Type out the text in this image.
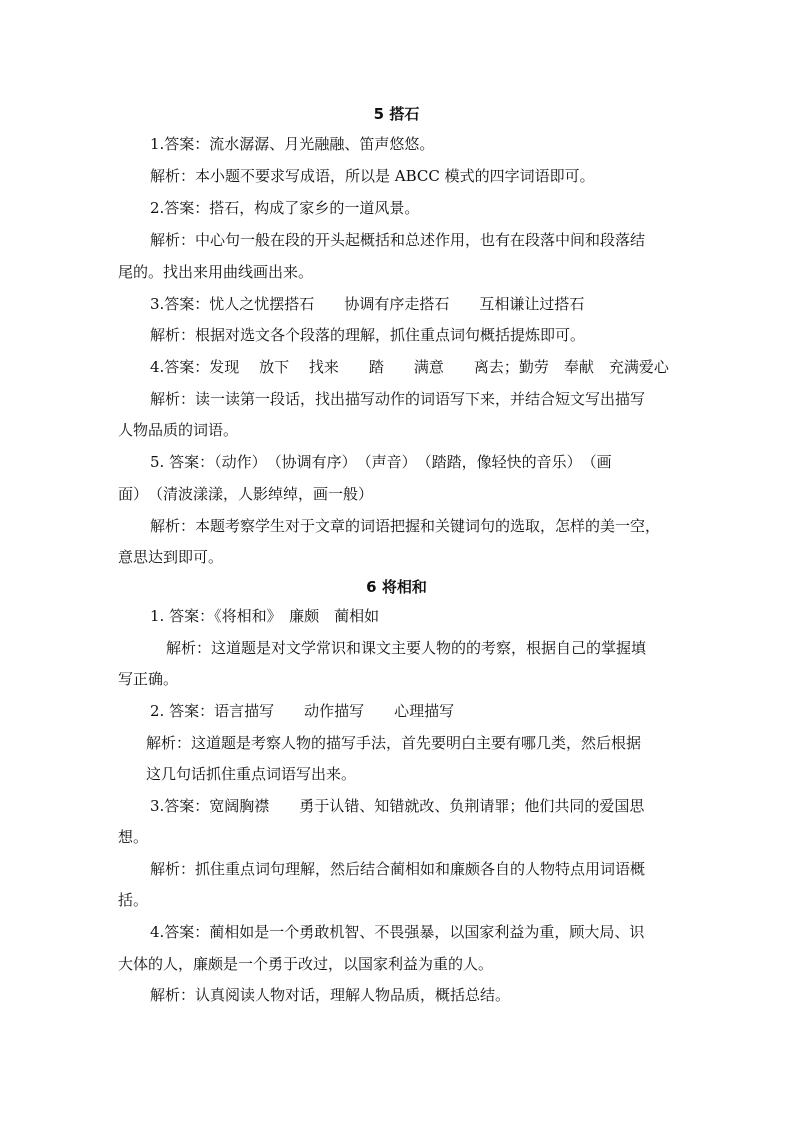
5 搭石
1.答案：流水潺潺、月光融融、笛声悠悠。
解析：本小题不要求写成语，所以是 ABCC 模式的四字词语即可。
2.答案：搭石，构成了家乡的一道风景。
解析：中心句一般在段的开头起概括和总述作用，也有在段落中间和段落结
尾的。找出来用曲线画出来。
3.答案：忧人之忧摆搭石　　协调有序走搭石　　互相谦让过搭石
解析：根据对选文各个段落的理解，抓住重点词句概括提炼即可。
4.答案：发现　 放下　 找来　　踏　　满意　　离去；勤劳　奉献　充满爱心
解析：读一读第一段话，找出描写动作的词语写下来，并结合短文写出描写
人物品质的词语。
5. 答案：（动作）　（协调有序）　（声音）　（踏踏，像轻快的音乐）　（画
面）　（清波漾漾，人影绰绰，画一般）
解析：本题考察学生对于文章的词语把握和关键词句的选取，怎样的美一空，
意思达到即可。
6 将相和
1. 答案：《将相和》　廉颇　蔺相如
解析：这道题是对文学常识和课文主要人物的的考察，根据自己的掌握填
写正确。
2. 答案：语言描写　　动作描写　　心理描写
解析：这道题是考察人物的描写手法，首先要明白主要有哪几类，然后根据
这几句话抓住重点词语写出来。
3.答案：宽阔胸襟　　勇于认错、知错就改、负荆请罪；他们共同的爱国思
想。
解析：抓住重点词句理解，然后结合蔺相如和廉颇各自的人物特点用词语概
括。
4.答案：蔺相如是一个勇敢机智、不畏强暴，以国家利益为重，顾大局、识
大体的人，廉颇是一个勇于改过，以国家利益为重的人。
解析：认真阅读人物对话，理解人物品质，概括总结。
